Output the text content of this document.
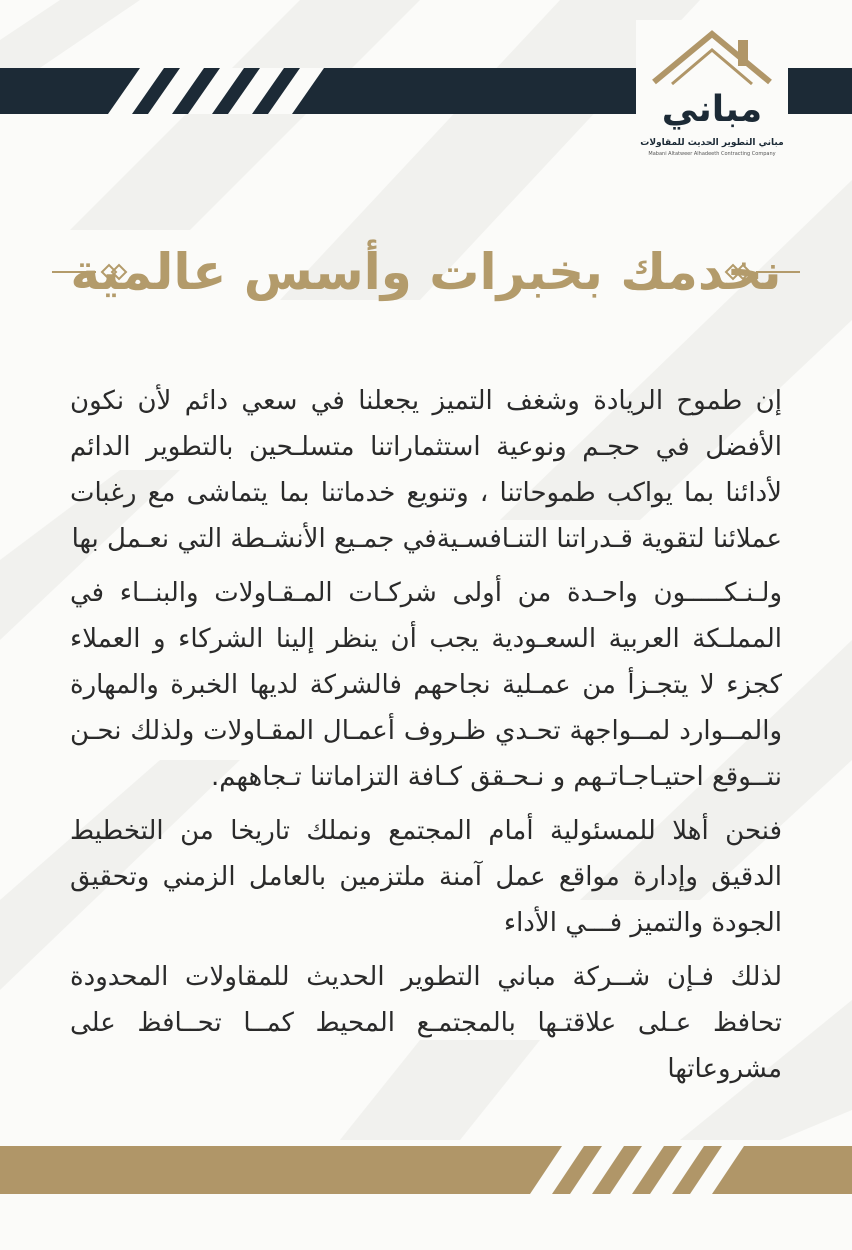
مباني
مباني التطوير الحديث للمقاولات
Mabani Altatweer Alhadeeth Contracting Company
نخدمك بخبرات وأسس عالمية

إن طموح الريادة وشغف التميز يجعلنا في سعي دائم لأن نكون الأفضل في حجـم ونوعية استثماراتنا متسلـحين بالتطوير الدائم لأدائنا بما يواكب طموحاتنا ، وتنويع خدماتنا بما يتماشى مع رغبات عملائنا لتقوية قـدراتنا التنـافسـيةفي جمـيع الأنشـطة التي نعـمل بها

ولـنـكـــــون واحـدة من أولى شركـات المـقـاولات والبنــاء في المملـكة العربية السعـودية يجب أن ينظر إلينا الشركاء و العملاء كجزء لا يتجـزأ من عمـلية نجاحهم فالشركة لديها الخبرة والمهارة والمــوارد لمــواجهة تحـدي ظـروف أعمـال المقـاولات ولذلك نحـن نتــوقع احتيـاجـاتـهم و نـحـقق كـافة التزاماتنا تـجاههم.

فنحن أهلا للمسئولية أمام المجتمع ونملك تاريخا من التخطيط الدقيق وإدارة مواقع عمل آمنة ملتزمين بالعامل الزمني وتحقيق الجودة والتميز فـــي الأداء

لذلك فـإن شــركة مباني التطوير الحديث للمقاولات المحدودة تحافظ عـلى علاقتـها بالمجتمـع المحيط كمــا تحــافظ على مشروعاتها
